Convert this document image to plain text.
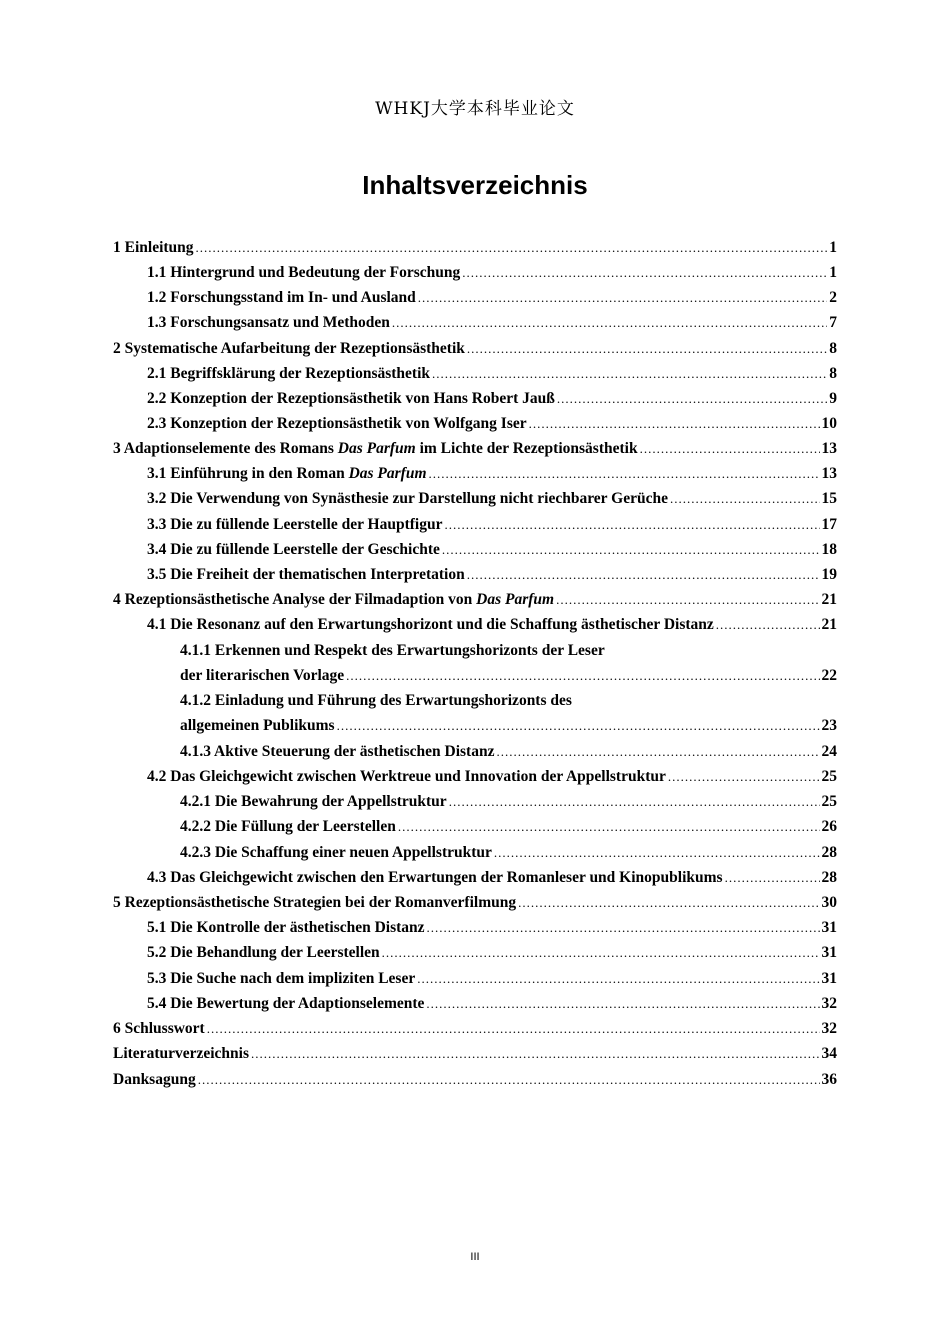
WHKJ大学本科毕业论文
Inhaltsverzeichnis
1 Einleitung .....	1
1.1 Hintergrund und Bedeutung der Forschung .....	1
1.2 Forschungsstand im In- und Ausland .....	2
1.3 Forschungsansatz und Methoden .....	7
2 Systematische Aufarbeitung der Rezeptionsästhetik .....	8
2.1 Begriffsklärung der Rezeptionsästhetik .....	8
2.2 Konzeption der Rezeptionsästhetik von Hans Robert Jauß .....	9
2.3 Konzeption der Rezeptionsästhetik von Wolfgang Iser .....	10
3 Adaptionselemente des Romans Das Parfum im Lichte der Rezeptionsästhetik .....	13
3.1 Einführung in den Roman Das Parfum .....	13
3.2 Die Verwendung von Synästhesie zur Darstellung nicht riechbarer Gerüche .....	15
3.3 Die zu füllende Leerstelle der Hauptfigur .....	17
3.4 Die zu füllende Leerstelle der Geschichte .....	18
3.5 Die Freiheit der thematischen Interpretation .....	19
4 Rezeptionsästhetische Analyse der Filmadaption von Das Parfum .....	21
4.1 Die Resonanz auf den Erwartungshorizont und die Schaffung ästhetischer Distanz .....	21
4.1.1 Erkennen und Respekt des Erwartungshorizonts der Leser
der literarischen Vorlage .....	22
4.1.2 Einladung und Führung des Erwartungshorizonts des
allgemeinen Publikums .....	23
4.1.3 Aktive Steuerung der ästhetischen Distanz .....	24
4.2 Das Gleichgewicht zwischen Werktreue und Innovation der Appellstruktur .....	25
4.2.1 Die Bewahrung der Appellstruktur .....	25
4.2.2 Die Füllung der Leerstellen .....	26
4.2.3 Die Schaffung einer neuen Appellstruktur .....	28
4.3 Das Gleichgewicht zwischen den Erwartungen der Romanleser und Kinopublikums .....	28
5 Rezeptionsästhetische Strategien bei der Romanverfilmung .....	30
5.1 Die Kontrolle der ästhetischen Distanz .....	31
5.2 Die Behandlung der Leerstellen .....	31
5.3 Die Suche nach dem impliziten Leser .....	31
5.4 Die Bewertung der Adaptionselemente .....	32
6 Schlusswort .....	32
Literaturverzeichnis .....	34
Danksagung .....	36
III
